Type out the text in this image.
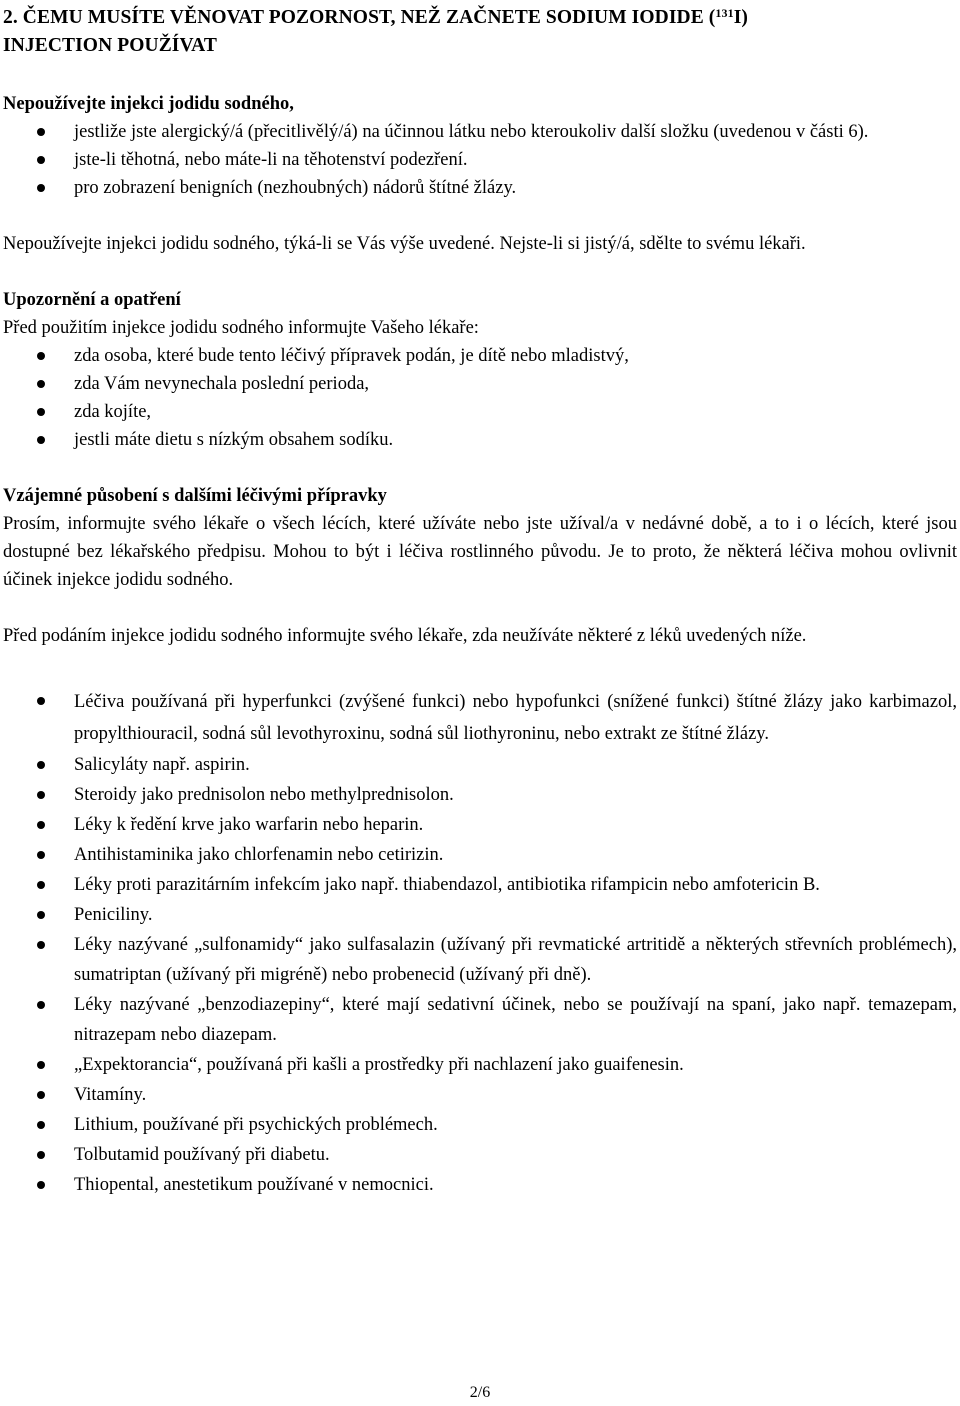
2. ČEMU MUSÍTE VĚNOVAT POZORNOST, NEŽ ZAČNETE SODIUM IODIDE ($^{131}$I)
INJECTION POUŽÍVAT

Nepoužívejte injekci jodidu sodného,

jestliže jste alergický/á (přecitlivělý/á) na účinnou látku nebo kteroukoliv další složku (uvedenou v části 6).
jste-li těhotná, nebo máte-li na těhotenství podezření.
pro zobrazení benigních (nezhoubných) nádorů štítné žlázy.

Nepoužívejte injekci jodidu sodného, týká-li se Vás výše uvedené. Nejste-li si jistý/á, sdělte to svému lékaři.

Upozornění a opatření

Před použitím injekce jodidu sodného informujte Vašeho lékaře:

zda osoba, které bude tento léčivý přípravek podán, je dítě nebo mladistvý,
zda Vám nevynechala poslední perioda,
zda kojíte,
jestli máte dietu s nízkým obsahem sodíku.

Vzájemné působení s dalšími léčivými přípravky

Prosím, informujte svého lékaře o všech lécích, které užíváte nebo jste užíval/a v nedávné době, a to i o lécích, které jsou dostupné bez lékařského předpisu. Mohou to být i léčiva rostlinného původu. Je to proto, že některá léčiva mohou ovlivnit účinek injekce jodidu sodného.

Před podáním injekce jodidu sodného informujte svého lékaře, zda neužíváte některé z léků uvedených níže.

Léčiva používaná při hyperfunkci (zvýšené funkci) nebo hypofunkci (snížené funkci) štítné žlázy jako karbimazol, propylthiouracil, sodná sůl levothyroxinu, sodná sůl liothyroninu, nebo extrakt ze štítné žlázy.
Salicyláty např. aspirin.
Steroidy jako prednisolon nebo methylprednisolon.
Léky k ředění krve jako warfarin nebo heparin.
Antihistaminika jako chlorfenamin nebo cetirizin.
Léky proti parazitárním infekcím jako např. thiabendazol, antibiotika rifampicin nebo amfotericin B.
Peniciliny.
Léky nazývané „sulfonamidy“ jako sulfasalazin (užívaný při revmatické artritidě a některých střevních problémech), sumatriptan (užívaný při migréně) nebo probenecid (užívaný při dně).
Léky nazývané „benzodiazepiny“, které mají sedativní účinek, nebo se používají na spaní, jako např. temazepam, nitrazepam nebo diazepam.
„Expektorancia“, používaná při kašli a prostředky při nachlazení jako guaifenesin.
Vitamíny.
Lithium, používané při psychických problémech.
Tolbutamid používaný při diabetu.
Thiopental, anestetikum používané v nemocnici.
2/6
